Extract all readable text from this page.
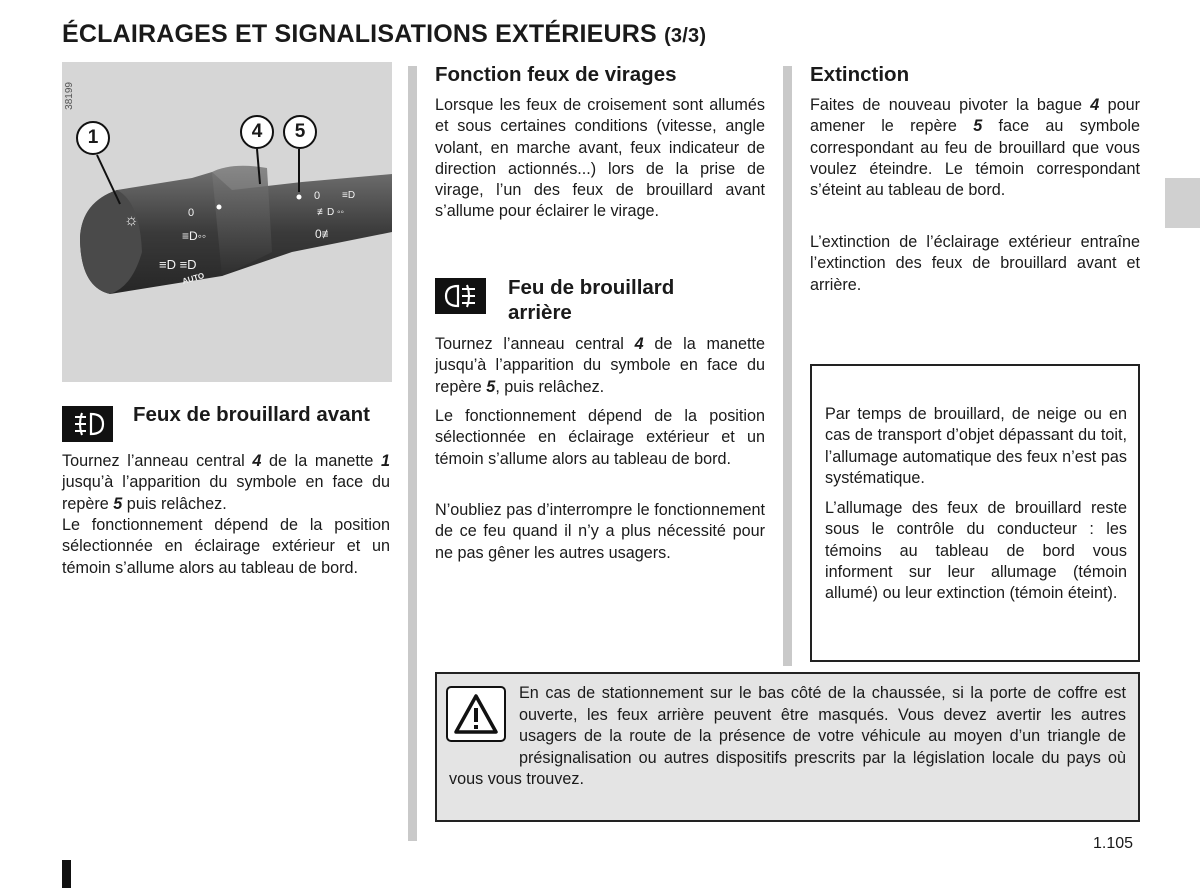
ÉCLAIRAGES ET SIGNALISATIONS EXTÉRIEURS (3/3)
38199
1	4	5
☼	0
0
≡D◦◦
≡D ≡D
AUTO
≢D ◦◦
0≢
≡D
Feux de brouillard avant
Tournez l’anneau central 4 de la manette 1 jusqu’à l’apparition du symbole en face du repère 5 puis relâchez.
Le fonctionnement dépend de la position sélectionnée en éclairage extérieur et un témoin s’allume alors au tableau de bord.
Fonction feux de virages
Lorsque les feux de croisement sont allumés et sous certaines conditions (vitesse, angle volant, en marche avant, feux indicateur de direction actionnés...) lors de la prise de virage, l’un des feux de brouillard avant s’allume pour éclairer le virage.
Feu de brouillard arrière
Tournez l’anneau central 4 de la manette jusqu’à l’apparition du symbole en face du repère 5, puis relâchez.
Le fonctionnement dépend de la position sélectionnée en éclairage extérieur et un témoin s’allume alors au tableau de bord.
N’oubliez pas d’interrompre le fonctionnement de ce feu quand il n’y a plus nécessité pour ne pas gêner les autres usagers.
Extinction
Faites de nouveau pivoter la bague 4 pour amener le repère 5 face au symbole correspondant au feu de brouillard que vous voulez éteindre. Le témoin correspondant s’éteint au tableau de bord.
L’extinction de l’éclairage extérieur entraîne l’extinction des feux de brouillard avant et arrière.
Par temps de brouillard, de neige ou en cas de transport d’objet dépassant du toit, l’allumage automatique des feux n’est pas systématique.
L’allumage des feux de brouillard reste sous le contrôle du conducteur : les témoins au tableau de bord vous informent sur leur allumage (témoin allumé) ou leur extinction (témoin éteint).

En cas de stationnement sur le bas côté de la chaussée, si la porte de coffre est ouverte, les feux arrière peuvent être masqués. Vous devez avertir les autres usagers de la route de la présence de votre véhicule au moyen d’un triangle de présignalisation ou autres dispositifs prescrits par la législation locale du pays où vous vous trouvez.

1.105
